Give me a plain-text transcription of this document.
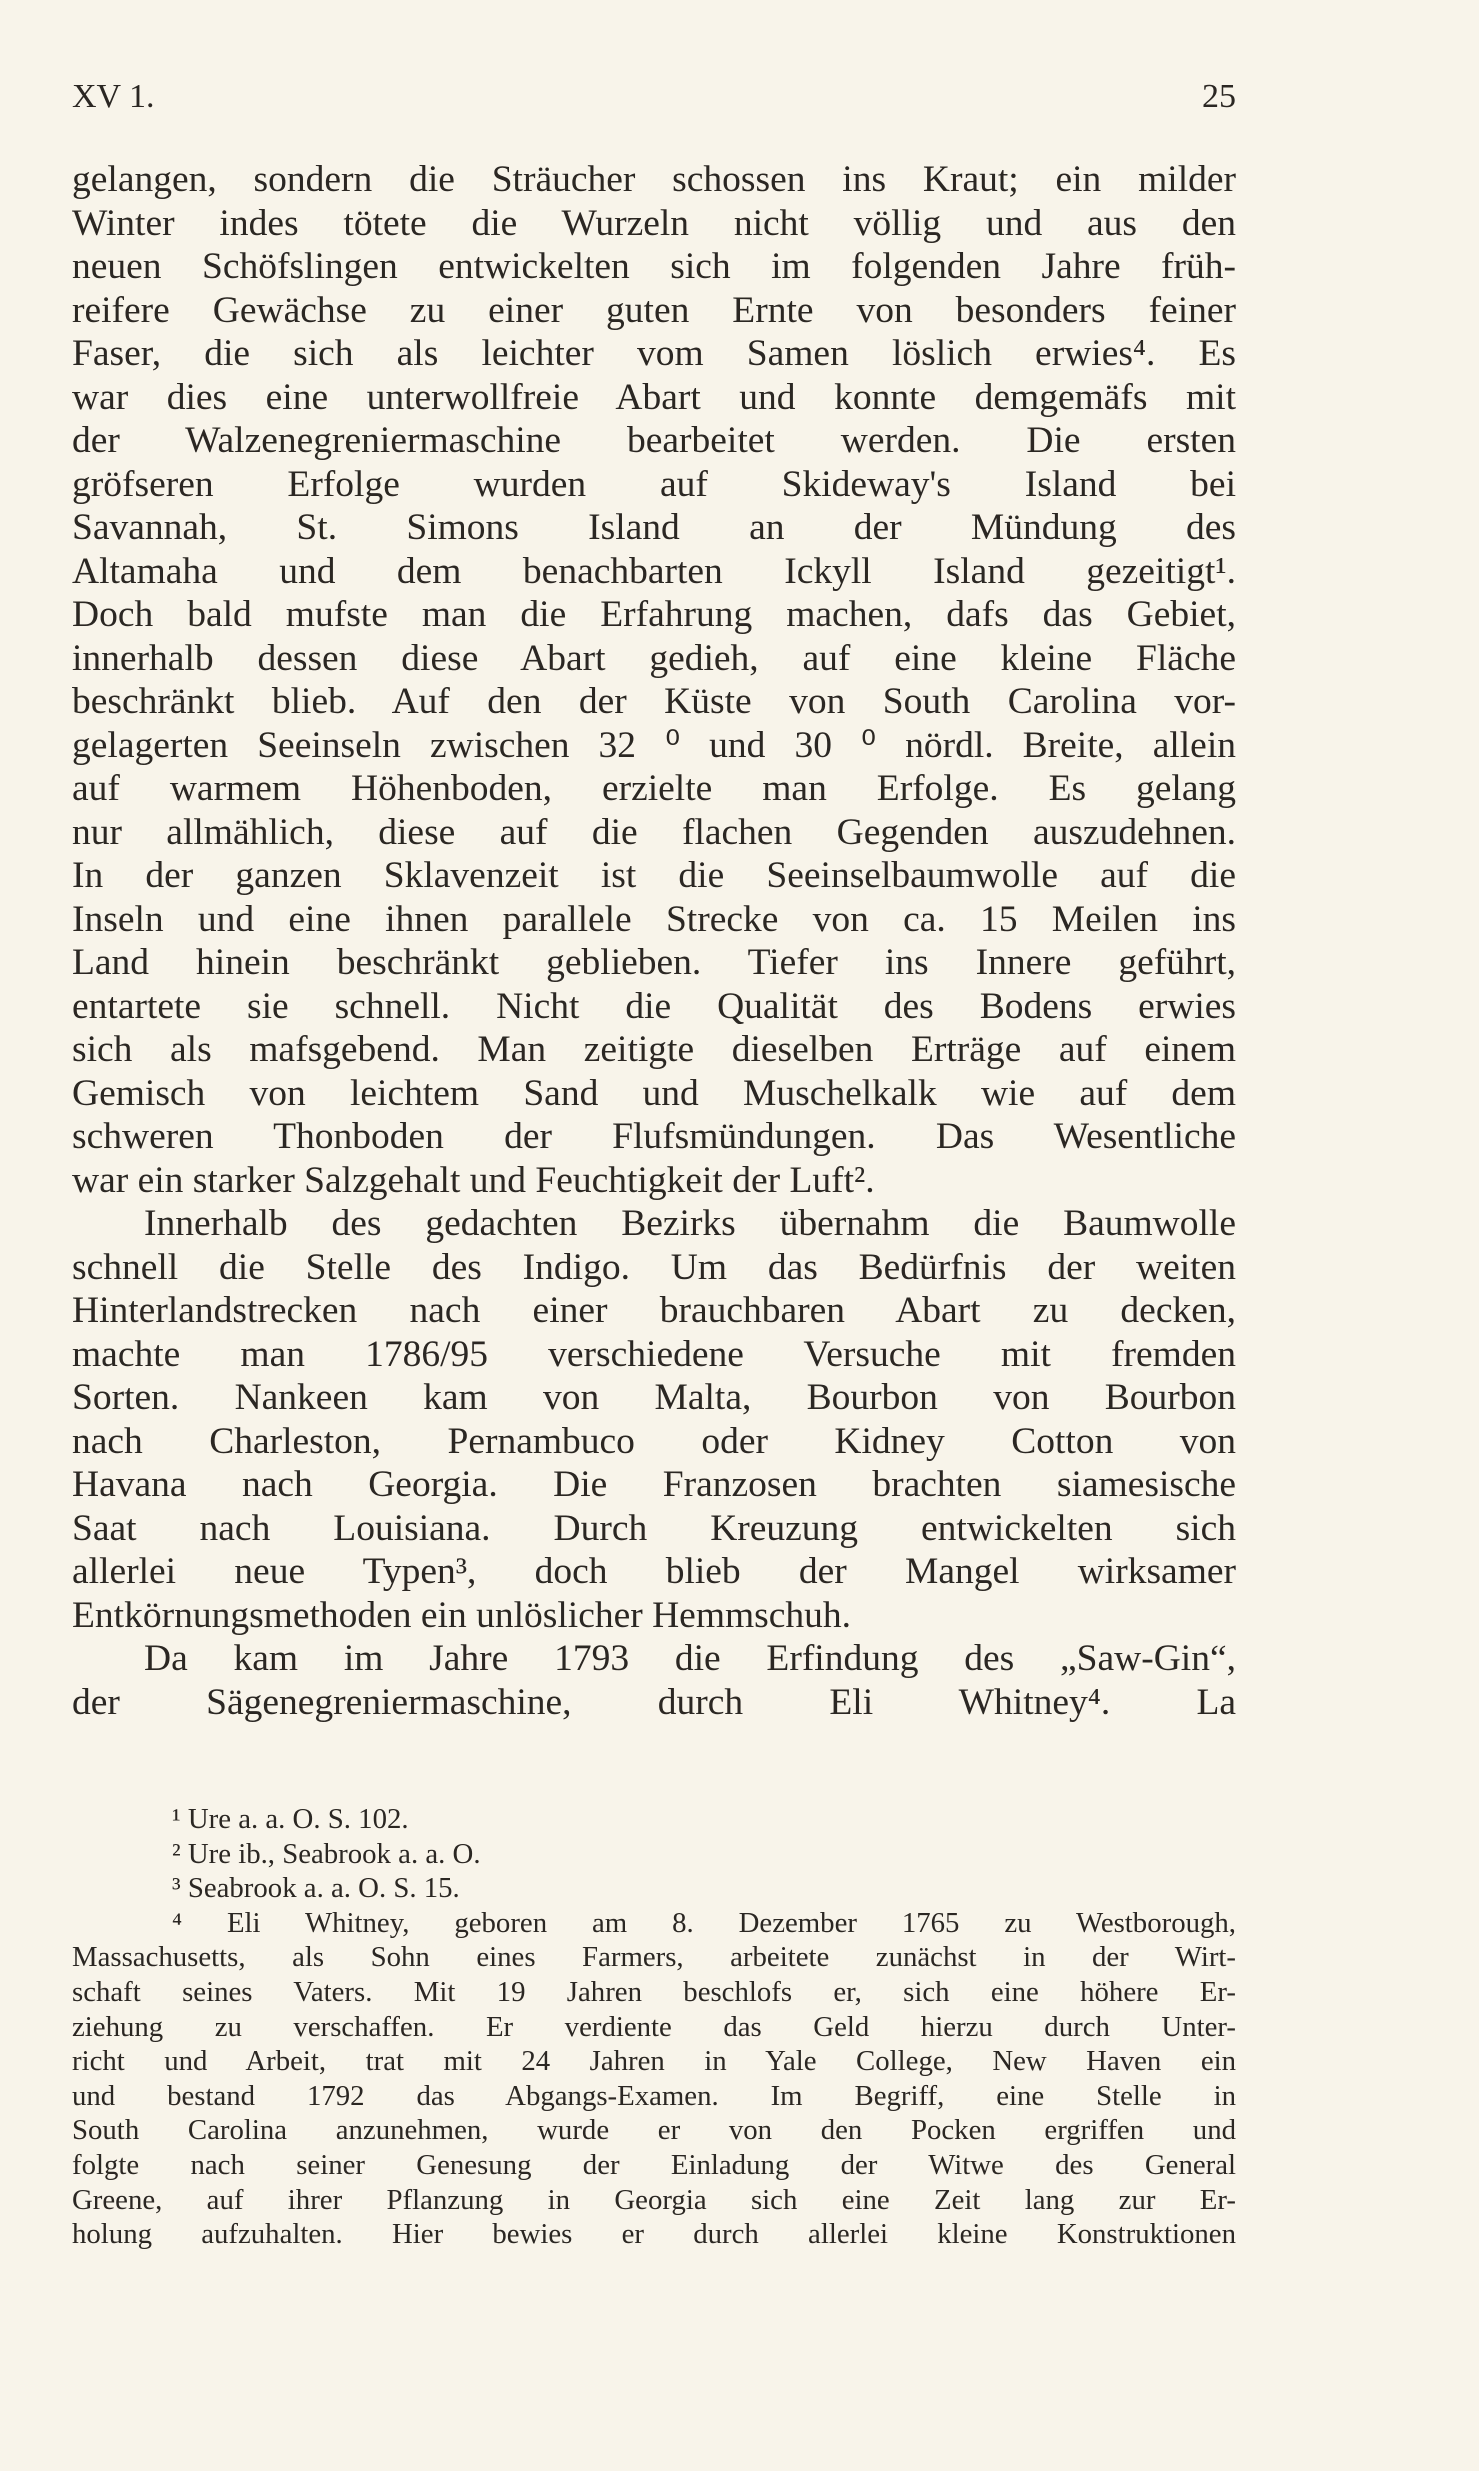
XV 1.	25
gelangen, sondern die Sträucher schossen ins Kraut; ein milder
Winter indes tötete die Wurzeln nicht völlig und aus den
neuen Schöfslingen entwickelten sich im folgenden Jahre früh-
reifere Gewächse zu einer guten Ernte von besonders feiner
Faser, die sich als leichter vom Samen löslich erwies⁴. Es
war dies eine unterwollfreie Abart und konnte demgemäfs mit
der Walzenegreniermaschine bearbeitet werden. Die ersten
gröfseren Erfolge wurden auf Skideway's Island bei
Savannah, St. Simons Island an der Mündung des
Altamaha und dem benachbarten Ickyll Island gezeitigt¹.
Doch bald mufste man die Erfahrung machen, dafs das Gebiet,
innerhalb dessen diese Abart gedieh, auf eine kleine Fläche
beschränkt blieb. Auf den der Küste von South Carolina vor-
gelagerten Seeinseln zwischen 32 ⁰ und 30 ⁰ nördl. Breite, allein
auf warmem Höhenboden, erzielte man Erfolge. Es gelang
nur allmählich, diese auf die flachen Gegenden auszudehnen.
In der ganzen Sklavenzeit ist die Seeinselbaumwolle auf die
Inseln und eine ihnen parallele Strecke von ca. 15 Meilen ins
Land hinein beschränkt geblieben. Tiefer ins Innere geführt,
entartete sie schnell. Nicht die Qualität des Bodens erwies
sich als mafsgebend. Man zeitigte dieselben Erträge auf einem
Gemisch von leichtem Sand und Muschelkalk wie auf dem
schweren Thonboden der Flufsmündungen. Das Wesentliche
war ein starker Salzgehalt und Feuchtigkeit der Luft².
Innerhalb des gedachten Bezirks übernahm die Baumwolle
schnell die Stelle des Indigo. Um das Bedürfnis der weiten
Hinterlandstrecken nach einer brauchbaren Abart zu decken,
machte man 1786/95 verschiedene Versuche mit fremden
Sorten. Nankeen kam von Malta, Bourbon von Bourbon
nach Charleston, Pernambuco oder Kidney Cotton von
Havana nach Georgia. Die Franzosen brachten siamesische
Saat nach Louisiana. Durch Kreuzung entwickelten sich
allerlei neue Typen³, doch blieb der Mangel wirksamer
Entkörnungsmethoden ein unlöslicher Hemmschuh.
Da kam im Jahre 1793 die Erfindung des „Saw-Gin“,
der Sägenegreniermaschine, durch Eli Whitney⁴. La
¹ Ure a. a. O. S. 102.
² Ure ib., Seabrook a. a. O.
³ Seabrook a. a. O. S. 15.
⁴ Eli Whitney, geboren am 8. Dezember 1765 zu Westborough,
Massachusetts, als Sohn eines Farmers, arbeitete zunächst in der Wirt-
schaft seines Vaters. Mit 19 Jahren beschlofs er, sich eine höhere Er-
ziehung zu verschaffen. Er verdiente das Geld hierzu durch Unter-
richt und Arbeit, trat mit 24 Jahren in Yale College, New Haven ein
und bestand 1792 das Abgangs-Examen. Im Begriff, eine Stelle in
South Carolina anzunehmen, wurde er von den Pocken ergriffen und
folgte nach seiner Genesung der Einladung der Witwe des General
Greene, auf ihrer Pflanzung in Georgia sich eine Zeit lang zur Er-
holung aufzuhalten. Hier bewies er durch allerlei kleine Konstruktionen
